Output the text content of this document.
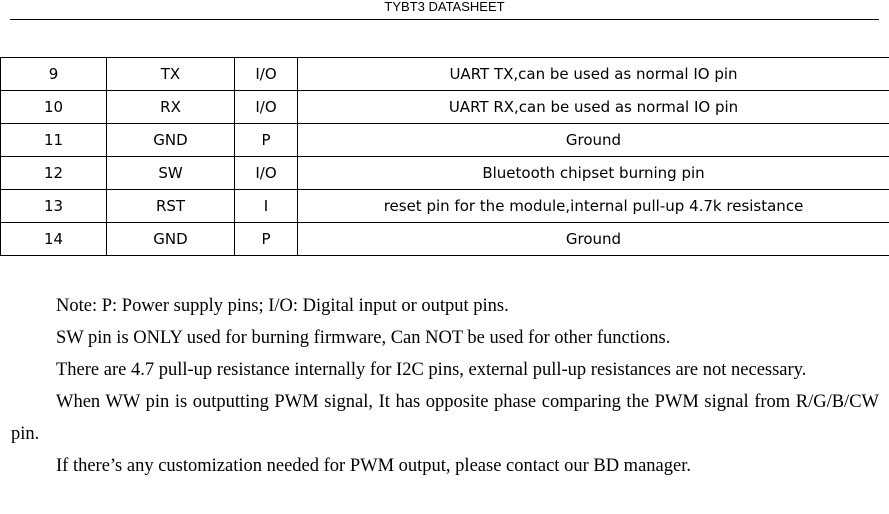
TYBT3 DATASHEET
9	TX	I/O	UART TX,can be used as normal IO pin
10	RX	I/O	UART RX,can be used as normal IO pin
11	GND	P	Ground
12	SW	I/O	Bluetooth chipset burning pin
13	RST	I	reset pin for the module,internal pull-up 4.7k resistance
14	GND	P	Ground

Note: P: Power supply pins; I/O: Digital input or output pins.

SW pin is ONLY used for burning firmware, Can NOT be used for other functions.

There are 4.7 pull-up resistance internally for I2C pins, external pull-up resistances are not necessary.

When WW pin is outputting PWM signal, It has opposite phase comparing the PWM signal from R/G/B/CW pin.

If there’s any customization needed for PWM output, please contact our BD manager.
